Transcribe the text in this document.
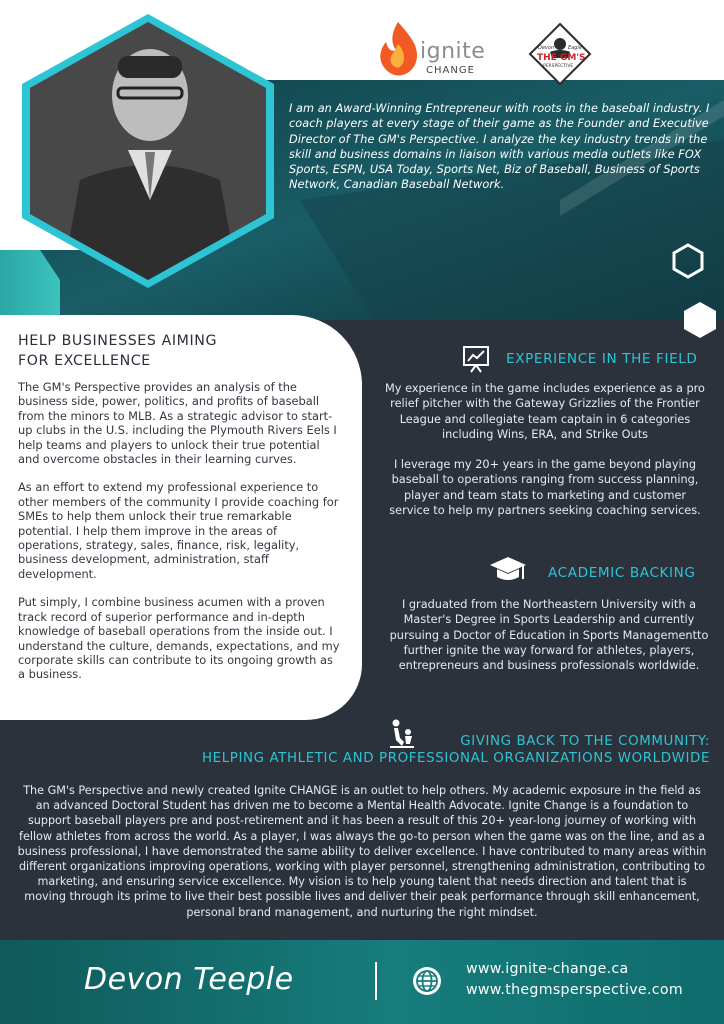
ignite
CHANGE
Devon	Eagle
THE GM'S
PERSPECTIVE
I am an Award-Winning Entrepreneur with roots in the baseball industry. I coach players at every stage of their game as the Founder and Executive Director of The GM's Perspective. I analyze the key industry trends in the skill and business domains in liaison with various media outlets like FOX Sports, ESPN, USA Today, Sports Net, Biz of Baseball, Business of Sports Network, Canadian Baseball Network.
HELP BUSINESSES AIMING
FOR EXCELLENCE

The GM's Perspective provides an analysis of the business side, power, politics, and profits of baseball from the minors to MLB. As a strategic advisor to start-up clubs in the U.S. including the Plymouth Rivers Eels I help teams and players to unlock their true potential and overcome obstacles in their learning curves.

As an effort to extend my professional experience to other members of the community I provide coaching for SMEs to help them unlock their true remarkable potential. I help them improve in the areas of operations, strategy, sales, finance, risk, legality, business development, administration, staff development.

Put simply, I combine business acumen with a proven track record of superior performance and in-depth knowledge of baseball operations from the inside out. I understand the culture, demands, expectations, and my corporate skills can contribute to its ongoing growth as a business.

EXPERIENCE IN THE FIELD

My experience in the game includes experience as a pro relief pitcher with the Gateway Grizzlies of the Frontier League and collegiate team captain in 6 categories including Wins, ERA, and Strike Outs

I leverage my 20+ years in the game beyond playing baseball to operations ranging from success planning, player and team stats to marketing and customer service to help my partners seeking coaching services.

ACADEMIC BACKING
I graduated from the Northeastern University with a Master's Degree in Sports Leadership and currently pursuing a Doctor of Education in Sports Managementto further ignite the way forward for athletes, players, entrepreneurs and business professionals worldwide.
GIVING BACK TO THE COMMUNITY:
HELPING ATHLETIC AND PROFESSIONAL ORGANIZATIONS WORLDWIDE
The GM's Perspective and newly created Ignite CHANGE is an outlet to help others. My academic exposure in the field as an advanced Doctoral Student has driven me to become a Mental Health Advocate. Ignite Change is a foundation to support baseball players pre and post-retirement and it has been a result of this 20+ year-long journey of working with fellow athletes from across the world. As a player, I was always the go-to person when the game was on the line, and as a business professional, I have demonstrated the same ability to deliver excellence. I have contributed to many areas within different organizations improving operations, working with player personnel, strengthening administration, contributing to marketing, and ensuring service excellence. My vision is to help young talent that needs direction and talent that is moving through its prime to live their best possible lives and deliver their peak performance through skill enhancement, personal brand management, and nurturing the right mindset.
Devon Teeple	www.ignite-change.ca
www.thegmsperspective.com
